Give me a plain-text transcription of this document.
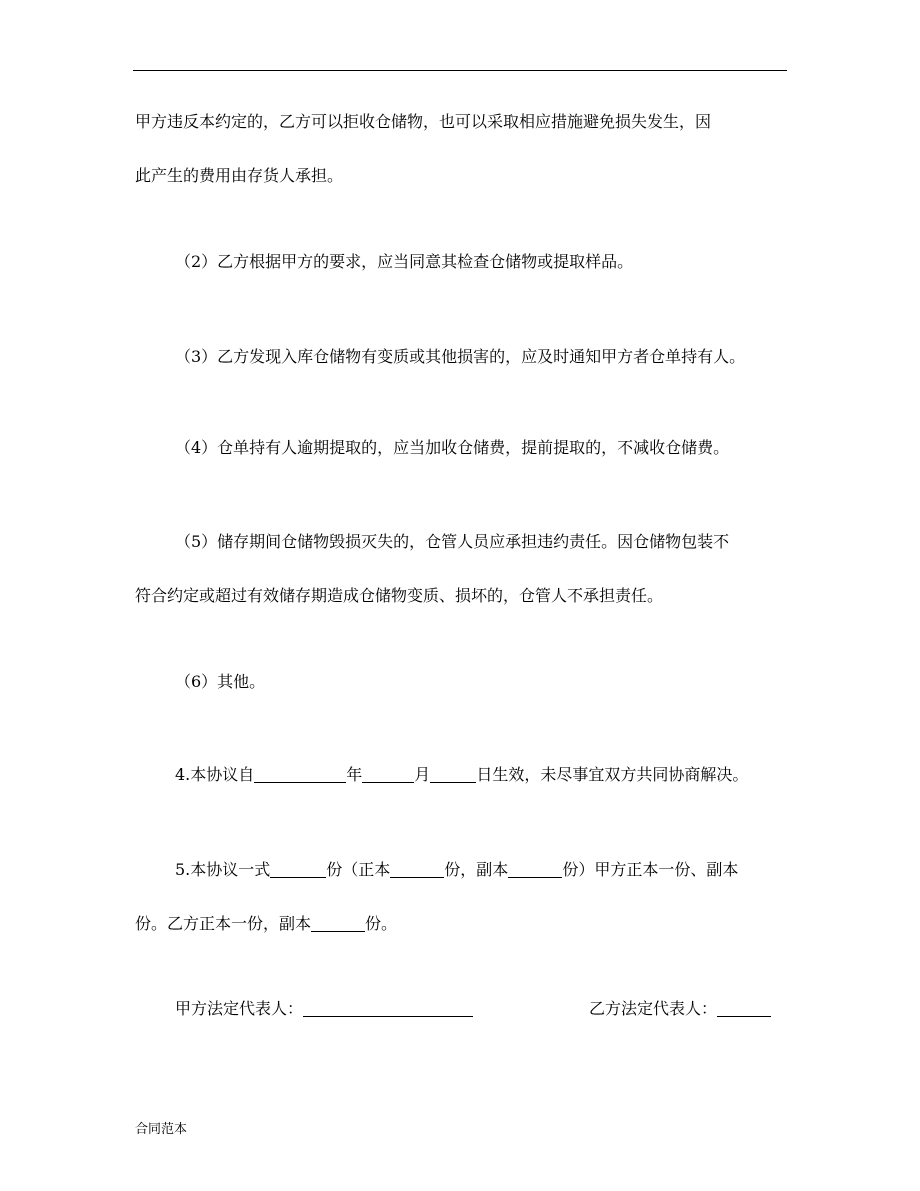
甲方违反本约定的，乙方可以拒收仓储物，也可以采取相应措施避免损失发生，因
此产生的费用由存货人承担。

（2）乙方根据甲方的要求，应当同意其检查仓储物或提取样品。

（3）乙方发现入库仓储物有变质或其他损害的，应及时通知甲方者仓单持有人。

（4）仓单持有人逾期提取的，应当加收仓储费，提前提取的，不减收仓储费。

（5）储存期间仓储物毁损灭失的，仓管人员应承担违约责任。因仓储物包装不
符合约定或超过有效储存期造成仓储物变质、损坏的，仓管人不承担责任。

（6）其他。

4.本协议自	年	月	日生效，未尽事宜双方共同协商解决。

5.本协议一式	份（正本	份，副本	份）甲方正本一份、副本
份。乙方正本一份，副本	份。

甲方法定代表人：	乙方法定代表人：
合同范本
